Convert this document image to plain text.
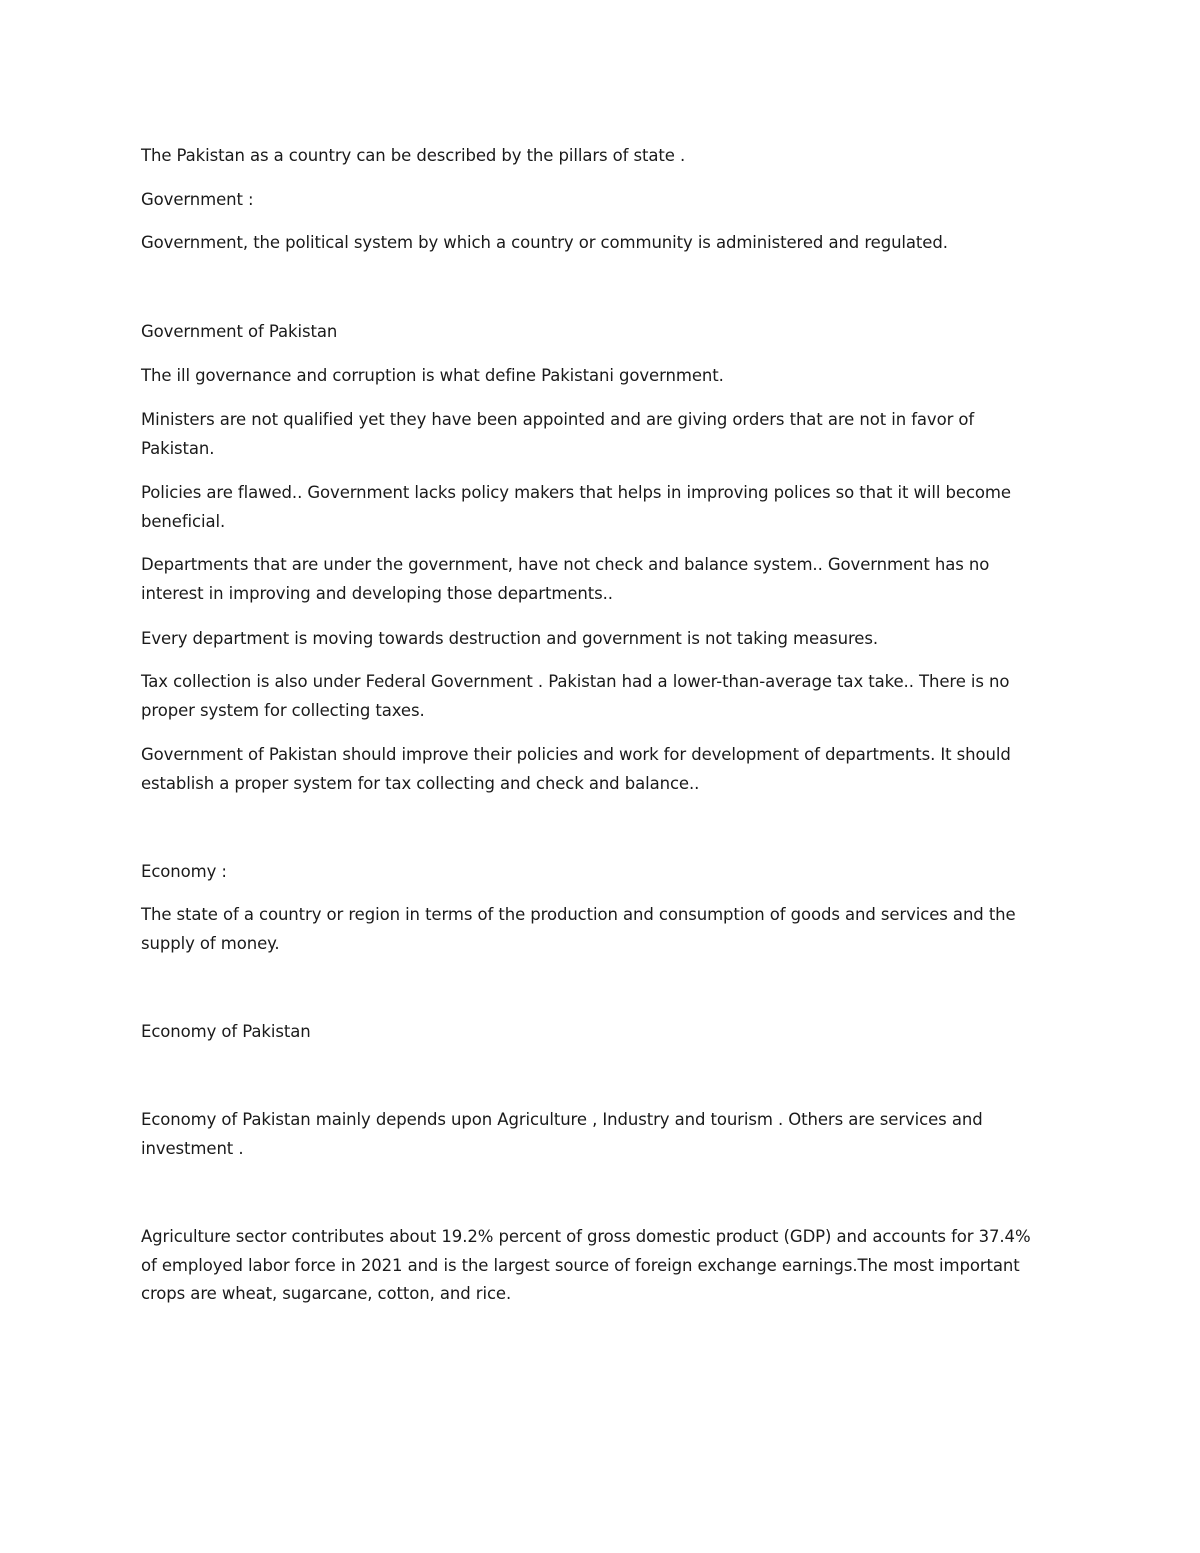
The Pakistan as a country can be described by the pillars of state .

Government :

Government, the political system by which a country or community is administered and regulated.

Government of Pakistan

The ill governance and corruption is what define Pakistani government.

Ministers are not qualified yet they have been appointed and are giving orders that are not in favor of Pakistan.

Policies are flawed.. Government lacks policy makers that helps in improving polices so that it will become beneficial.

Departments that are under the government, have not check and balance system.. Government has no interest in improving and developing those departments..

Every department is moving towards destruction and government is not taking measures.

Tax collection is also under Federal Government . Pakistan had a lower-than-average tax take.. There is no proper system for collecting taxes.

Government of Pakistan should improve their policies and work for development of departments. It should establish a proper system for tax collecting and check and balance..

Economy :

The state of a country or region in terms of the production and consumption of goods and services and the supply of money.

Economy of Pakistan

Economy of Pakistan mainly depends upon Agriculture , Industry and tourism . Others are services and investment .

Agriculture sector contributes about 19.2% percent of gross domestic product (GDP) and accounts for 37.4% of employed labor force in 2021 and is the largest source of foreign exchange earnings.The most important crops are wheat, sugarcane, cotton, and rice.
